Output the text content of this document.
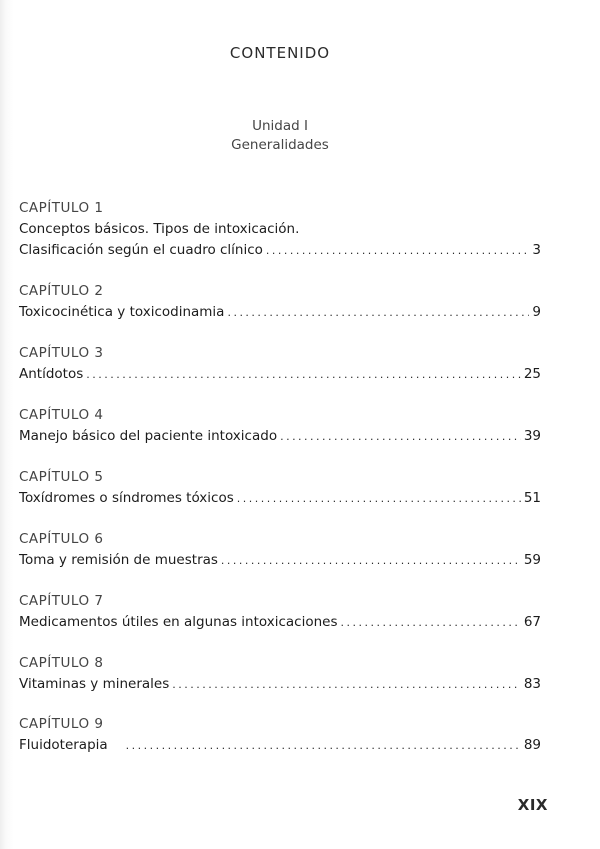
CONTENIDO
Unidad I
Generalidades
CAPÍTULO 1
Conceptos básicos. Tipos de intoxicación.
Clasificación según el cuadro clínico . . .	3
CAPÍTULO 2
Toxicocinética y toxicodinamia . . .	9
CAPÍTULO 3
Antídotos . . .	25
CAPÍTULO 4
Manejo básico del paciente intoxicado . . .	39
CAPÍTULO 5
Toxídromes o síndromes tóxicos . . .	51
CAPÍTULO 6
Toma y remisión de muestras . . .	59
CAPÍTULO 7
Medicamentos útiles en algunas intoxicaciones . . .	67
CAPÍTULO 8
Vitaminas y minerales . . .	83
CAPÍTULO 9
Fluidoterapia . . .	89
XIX
